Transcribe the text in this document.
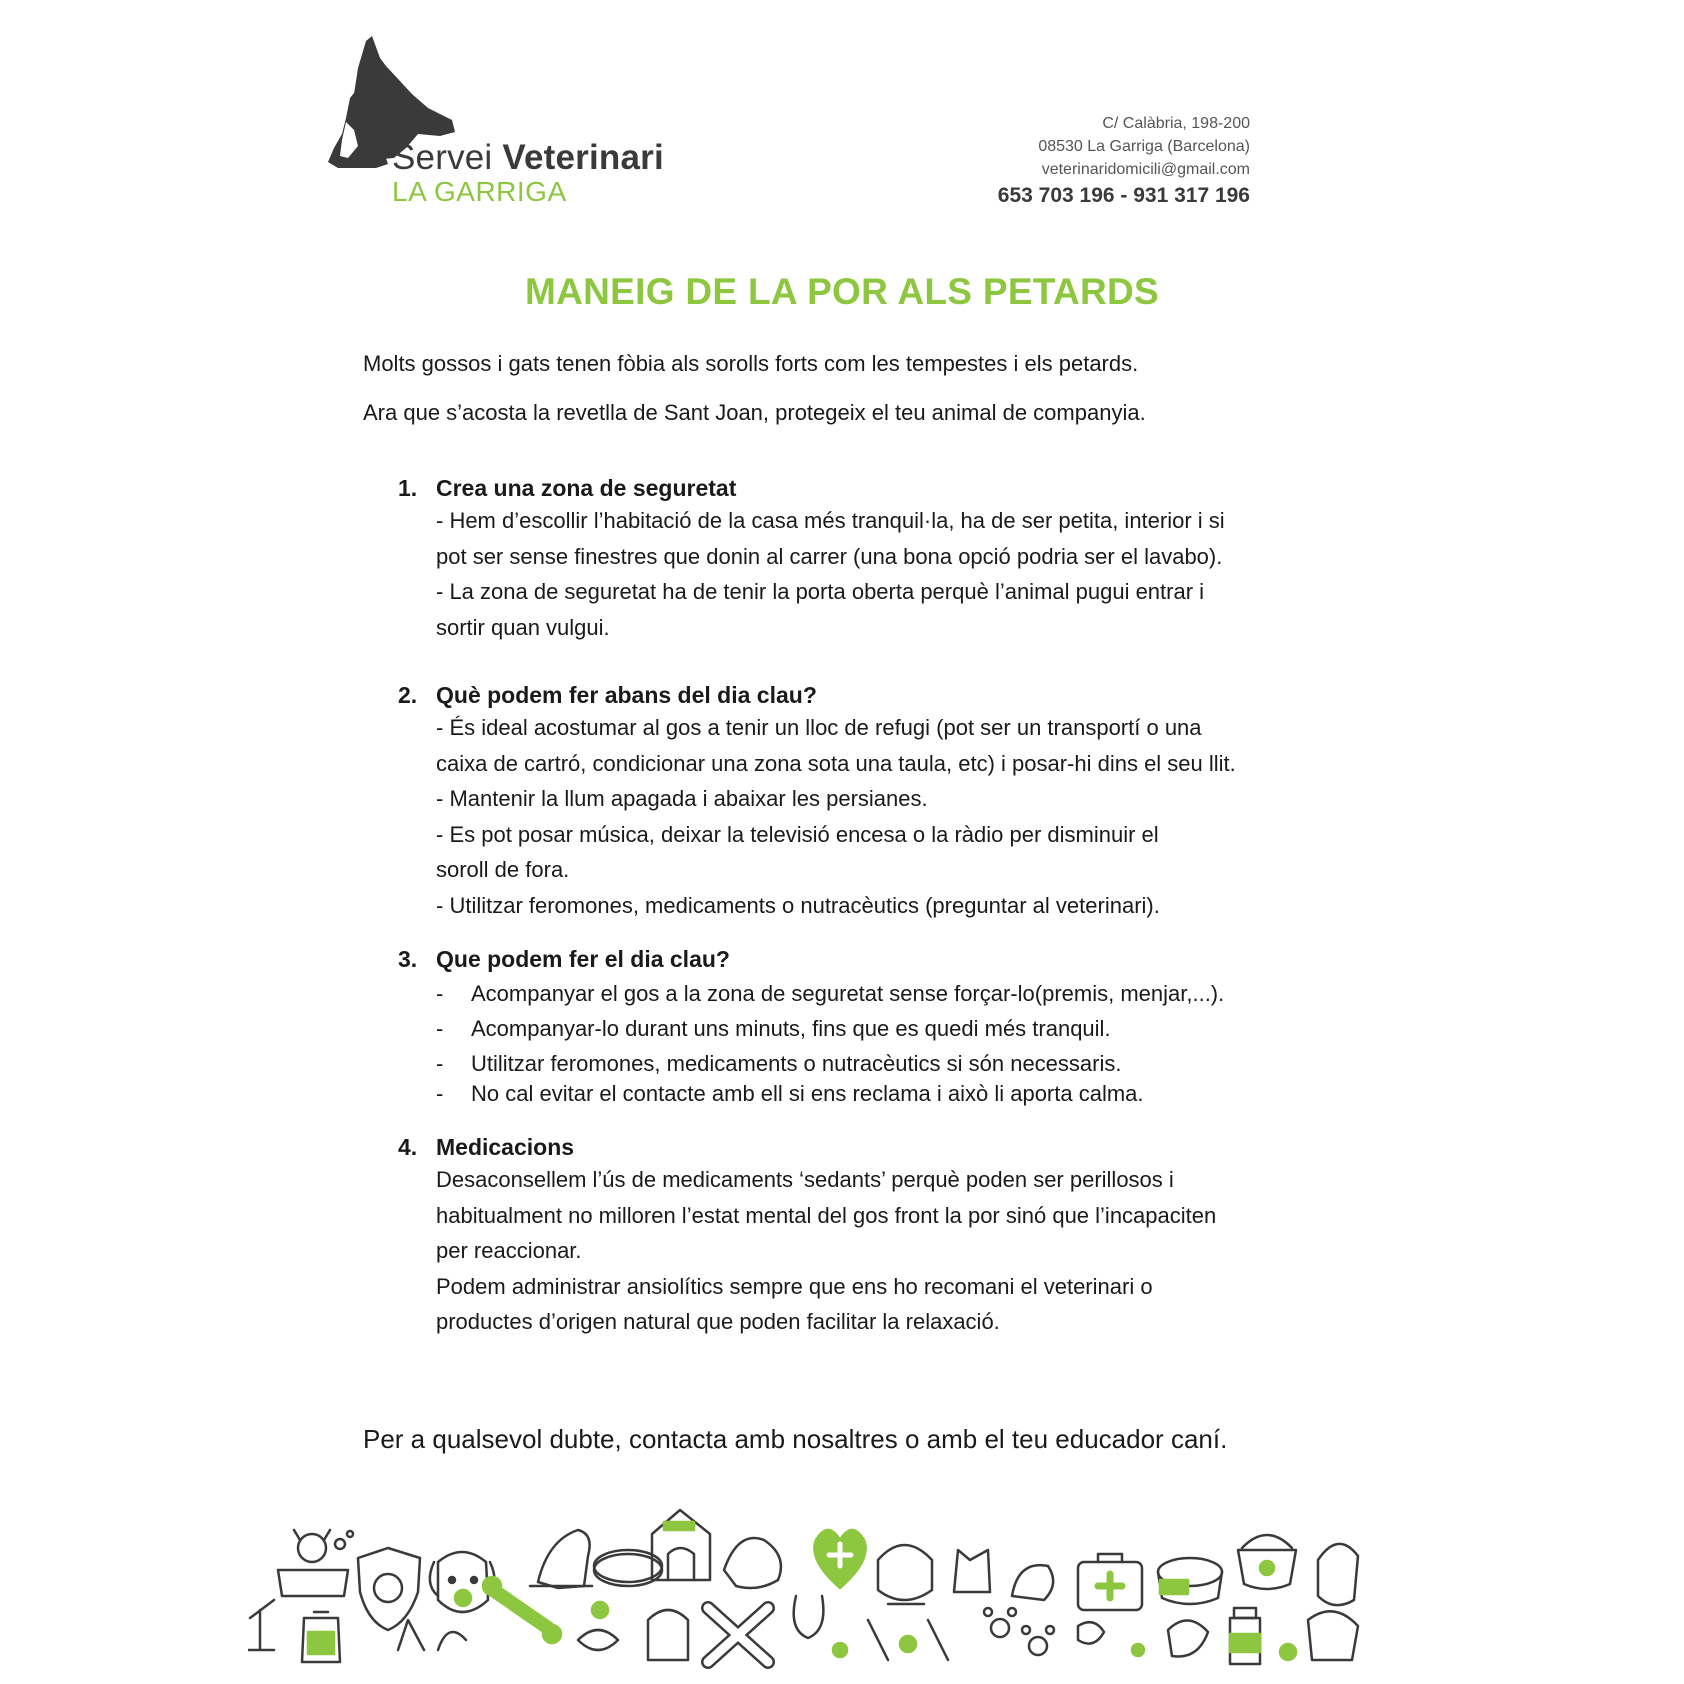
Servei Veterinari
LA GARRIGA
C/ Calàbria, 198-200
08530 La Garriga (Barcelona)
veterinaridomicili@gmail.com
653 703 196 - 931 317 196
MANEIG DE LA POR ALS PETARDS
Molts gossos i gats tenen fòbia als sorolls forts com les tempestes i els petards.
Ara que s’acosta la revetlla de Sant Joan, protegeix el teu animal de companyia.
1. Crea una zona de seguretat
- Hem d’escollir l’habitació de la casa més tranquil·la, ha de ser petita, interior i si
pot ser sense finestres que donin al carrer (una bona opció podria ser el lavabo).
- La zona de seguretat ha de tenir la porta oberta perquè l’animal pugui entrar i
sortir quan vulgui.
2. Què podem fer abans del dia clau?
- És ideal acostumar al gos a tenir un lloc de refugi (pot ser un transportí o una
caixa de cartró, condicionar una zona sota una taula, etc) i posar-hi dins el seu llit.
- Mantenir la llum apagada i abaixar les persianes.
- Es pot posar música, deixar la televisió encesa o la ràdio per disminuir el
soroll de fora.
- Utilitzar feromones, medicaments o nutracèutics (preguntar al veterinari).
3. Que podem fer el dia clau?
- Acompanyar el gos a la zona de seguretat sense forçar-lo(premis, menjar,...).
- Acompanyar-lo durant uns minuts, fins que es quedi més tranquil.
- Utilitzar feromones, medicaments o nutracèutics si són necessaris.
- No cal evitar el contacte amb ell si ens reclama i això li aporta calma.
4. Medicacions
Desaconsellem l’ús de medicaments ‘sedants’ perquè poden ser perillosos i
habitualment no milloren l’estat mental del gos front la por sinó que l’incapaciten
per reaccionar.
Podem administrar ansiolítics sempre que ens ho recomani el veterinari o
productes d’origen natural que poden facilitar la relaxació.
Per a qualsevol dubte, contacta amb nosaltres o amb el teu educador caní.
